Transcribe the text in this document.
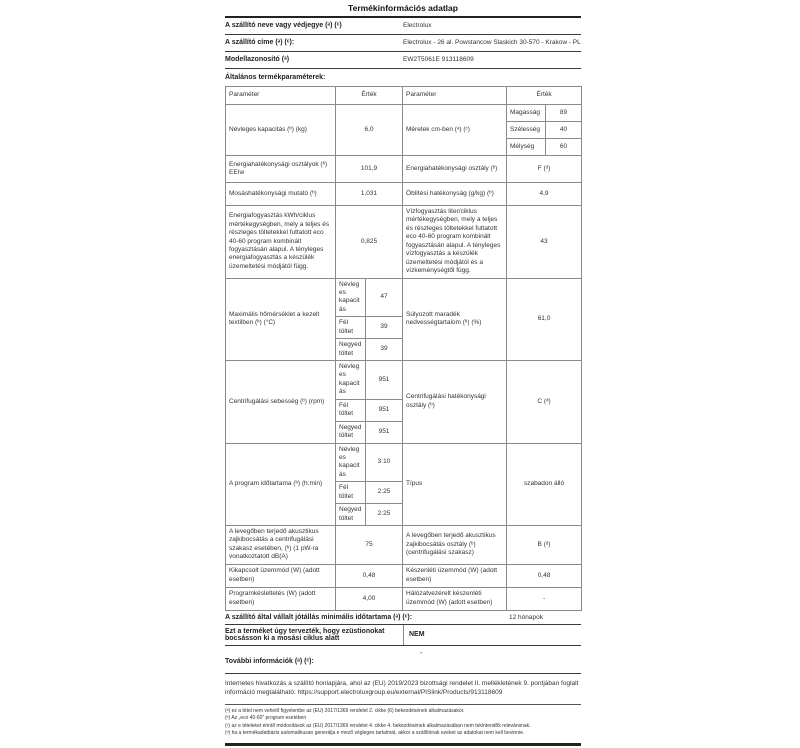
Termékinformációs adatlap
A szállító neve vagy védjegye (ᵃ) (ᶜ)	Electrolux
A szállító címe (ᵃ) (ᶜ):	Electrolux - 26 al. Powstancow Slaskich 30-570 - Krakow - PL
Modellazonosító (ᵃ)	EW2T5061E 913118609
Általános termékparaméterek:
Paraméter	Érték		Paraméter	Érték	
Névleges kapacitás (ᵇ) (kg)	6,0		Méretek cm-ben (ᵃ) (ᶜ)	Magasság	89
				Szélesség	40
				Mélység	60
Energiahatékonysági osztályok (ᵇ) EEIw	101,9		Energiahatékonysági osztály (ᵇ)	F (ᵈ)	
Mosáshatékonysági mutató (ᵇ)	1,031		Öblítési hatékonyság (g/kg) (ᵇ)	4,9	
Energiafogyasztás kWh/ciklus mértékegységben, mely a teljes és részleges töltetekkel futtatott eco 40-60 program kombinált fogyasztásán alapul. A tényleges energiafogyasztás a készülék üzemeltetési módjától függ.	0,825	Vízfogyasztás liter/ciklus mértékegységben, mely a teljes és részleges töltetekkel futtatott eco 40-60 program kombinált fogyasztásán alapul. A tényleges vízfogyasztás a készülék üzemeltetési módjától és a vízkeménységtől függ.	43
Maximális hőmérséklet a kezelt textilben (ᵇ) (°C)	Névleges kapacitás	47	Súlyozott maradék nedvességtartalom (ᵇ) (%)	61,0	
	Fél töltet	39			
	Negyed töltet	39			
Centrifugálási sebesség (ᵇ) (rpm)	Névleges kapacitás	951	Centrifugálási hatékonysági osztály (ᵇ)	C (ᵈ)	
	Fél töltet	951			
	Negyed töltet	951			
A program időtartama (ᵇ) (h:min)	Névleges kapacitás	3:10	Típus	szabadon álló	
	Fél töltet	2:25			
	Negyed töltet	2:25			
A levegőben terjedő akusztikus zajkibocsátás a centrifugálási szakasz esetében, (ᵇ) (1 pW-ra vonatkoztatott dB(A)	75		A levegőben terjedő akusztikus zajkibocsátás osztály (ᵇ) (centrifugálási szakasz)	B (ᵈ)	
Kikapcsolt üzemmód (W) (adott esetben)	0,48		Készenléti üzemmód (W) (adott esetben)	0,48	
Programkésleltetés (W) (adott esetben)	4,00		Hálózatvezérelt készenléti üzemmód (W) (adott esetben)	-	
A szállító által vállalt jótállás minimális időtartama (ᵃ) (ᶜ):	12 hónapok
Ezt a terméket úgy tervezték, hogy ezüstionokat bocsásson ki a mosási ciklus alatt	NEM
További információk (ᵃ) (ᶜ):
-
Internetes hivatkozás a szállító honlapjára, ahol az (EU) 2019/2023 bizottsági rendelet II. mellékletének 9. pontjában foglalt információ megtalálható: https://support.electroluxgroup.eu/external/PISlink/Products/913118609
(ᵃ) ez a tétel nem vehető figyelembe az (EU) 2017/1369 rendelet 2. cikke (6) bekezdésének alkalmazásakor.
(ᵇ) Az „eco 40-60” program esetében
(ᶜ) az e tételeket érintő módosítások az (EU) 2017/1369 rendelet 4. cikke 4. bekezdésének alkalmazásában nem tekintendők relevánsnak.
(ᵈ) ha a termékadatbázis automatikusan generálja e mező végleges tartalmát, akkor a szállítónak ezeket az adatokat nem kell bevinnie.
